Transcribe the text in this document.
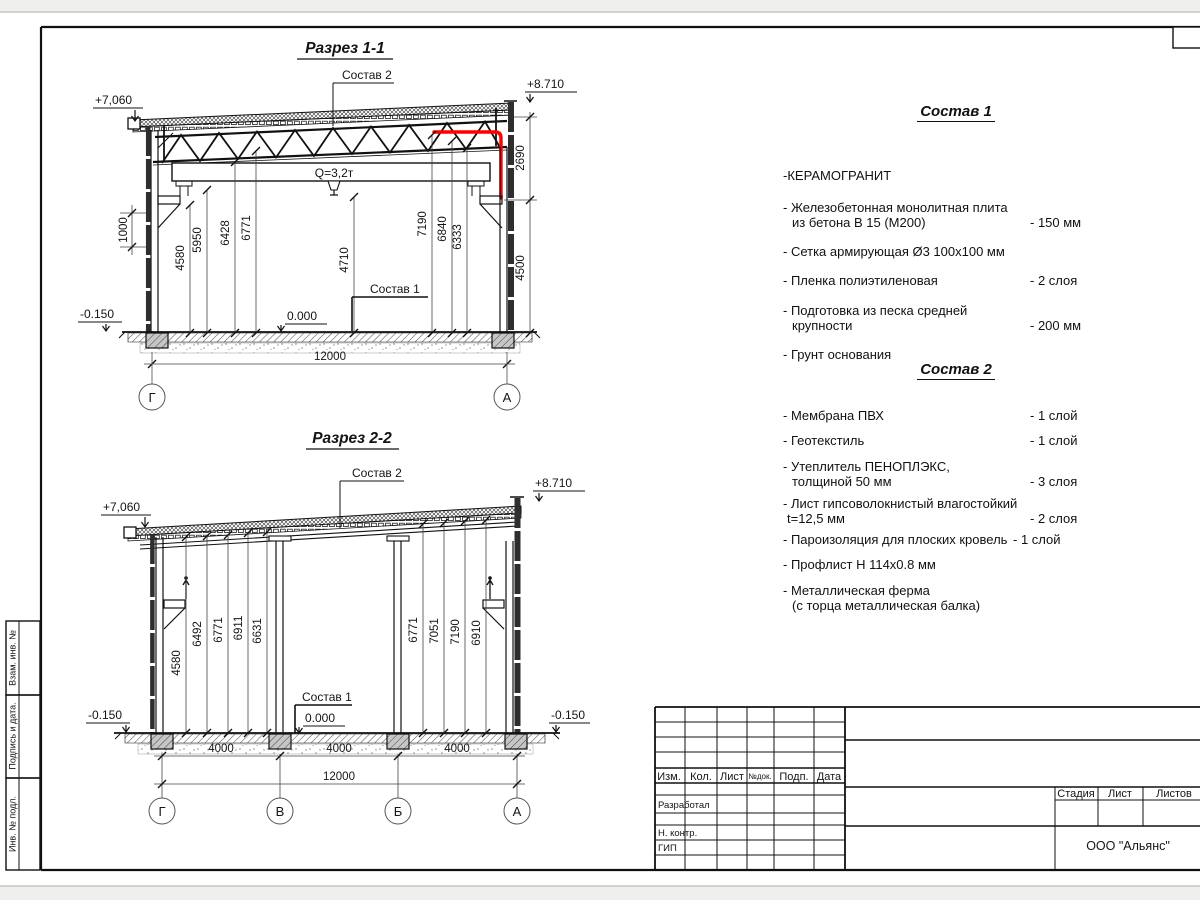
Взам. инв. №
Подпись и дата.
Инв. № подл.
Разрез 1-1
Q=3,2т
4580
5950 6428 6771
4710
7190 6840 6333
1000
2690
4500
12000
+7,060
+8.710
0.000
-0.150
Состав 2
Состав 1
Г	А
Разрез 2-2
4580
6492 6771 6911 6631	6771 7051 7190 6910
4000	4000	4000
12000
+7,060
+8.710
0.000
-0.150	-0.150
Состав 2
Состав 1
Г	В	Б	А
Изм. Кол. Лист №док. Подп. Дата
Разработал
Н. контр.
ГИП
Стадия Лист Листов
ООО "Альянс"
Состав 1
-КЕРАМОГРАНИТ
- Железобетонная монолитная плита
из бетона В 15 (М200)	- 150 мм
- Сетка армирующая Ø3 100х100 мм
- Пленка полиэтиленовая	- 2 слоя
- Подготовка из песка средней
крупности	- 200 мм
- Грунт основания
Состав 2
- Мембрана ПВХ	- 1 слой
- Геотекстиль	- 1 слой
- Утеплитель ПЕНОПЛЭКС,
толщиной 50 мм	- 3 слоя
- Лист гипсоволокнистый влагостойкий
t=12,5 мм	- 2 слоя
- Пароизоляция для плоских кровель - 1 слой
- Профлист Н 114х0.8 мм
- Металлическая ферма
(с торца металлическая балка)
